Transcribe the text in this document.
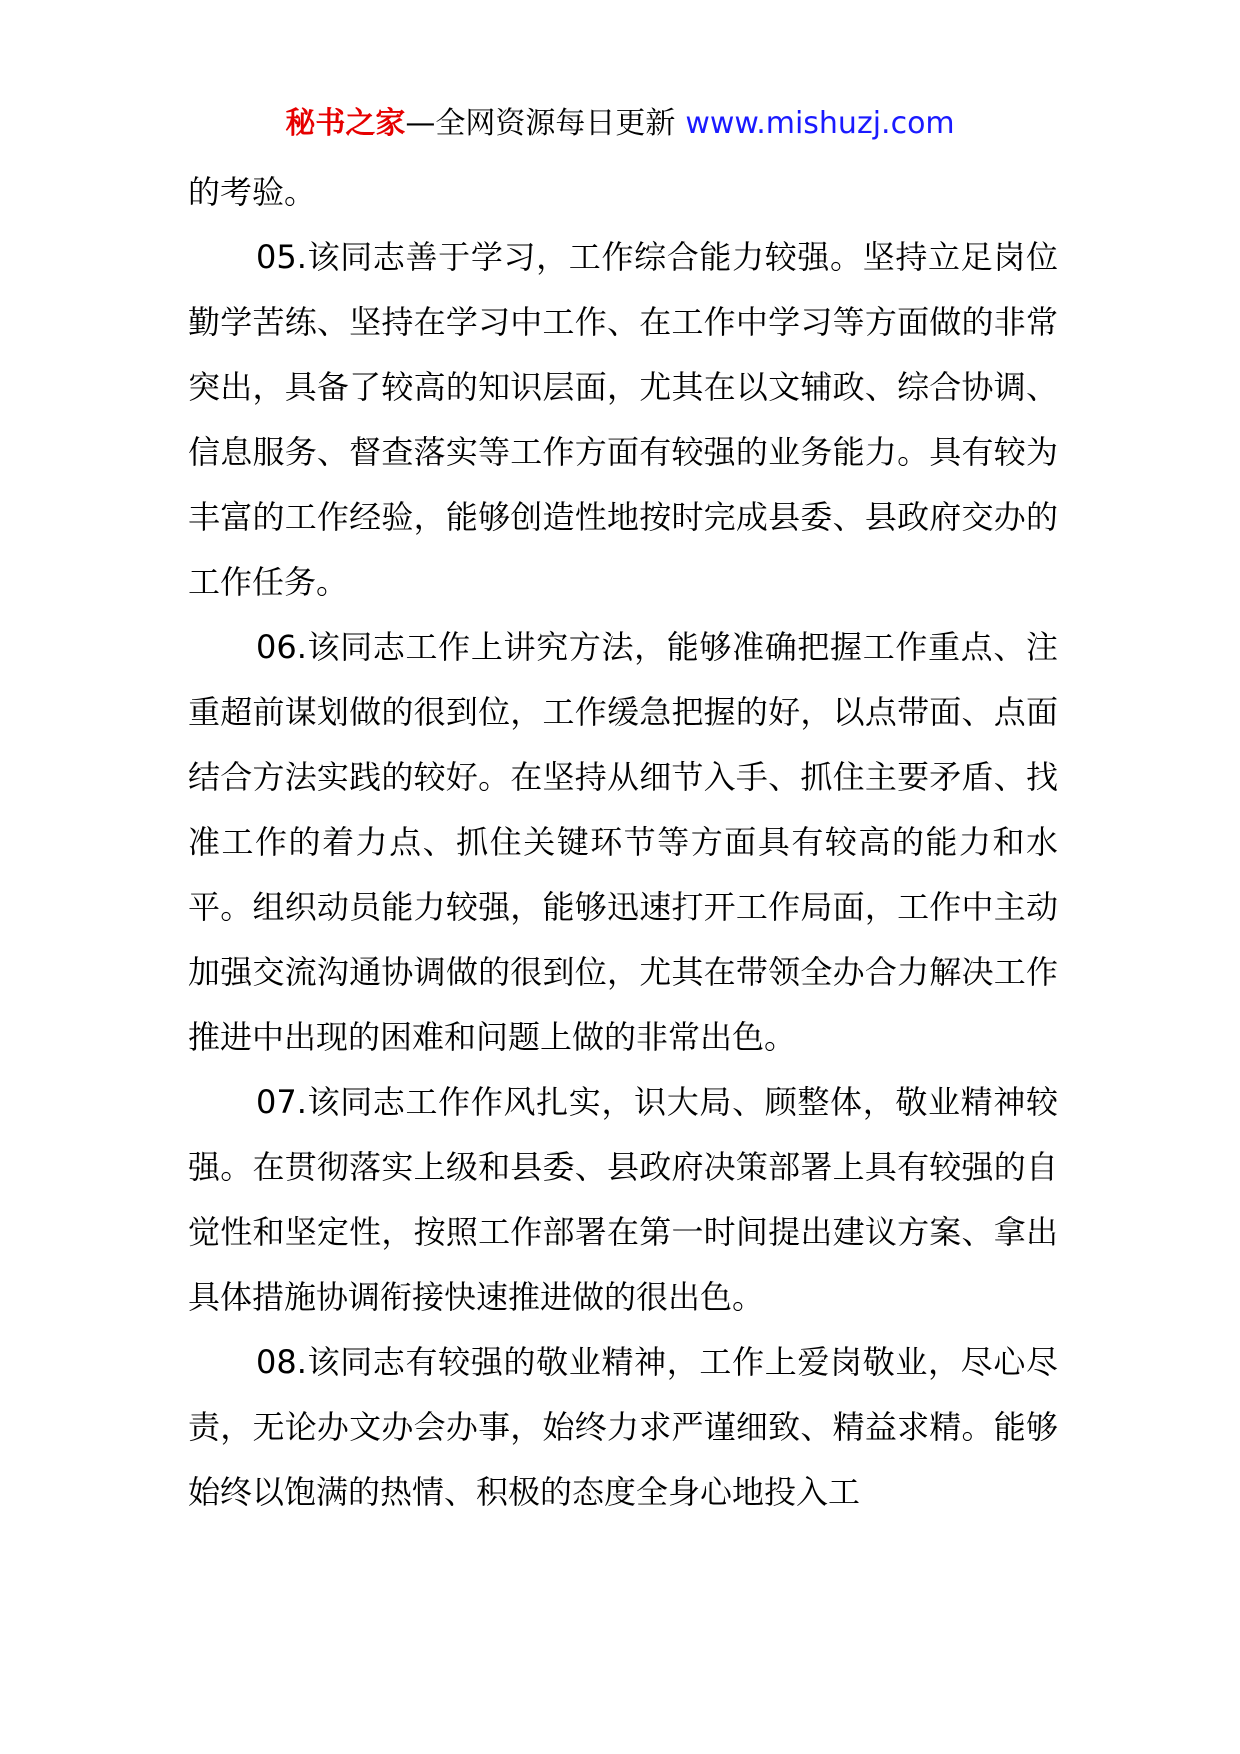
秘书之家—全网资源每日更新 www.mishuzj.com

的考验。

05.该同志善于学习，工作综合能力较强。坚持立足岗位勤学苦练、坚持在学习中工作、在工作中学习等方面做的非常突出，具备了较高的知识层面，尤其在以文辅政、综合协调、信息服务、督查落实等工作方面有较强的业务能力。具有较为丰富的工作经验，能够创造性地按时完成县委、县政府交办的工作任务。

06.该同志工作上讲究方法，能够准确把握工作重点、注重超前谋划做的很到位，工作缓急把握的好，以点带面、点面结合方法实践的较好。在坚持从细节入手、抓住主要矛盾、找准工作的着力点、抓住关键环节等方面具有较高的能力和水平。组织动员能力较强，能够迅速打开工作局面，工作中主动加强交流沟通协调做的很到位，尤其在带领全办合力解决工作推进中出现的困难和问题上做的非常出色。

07.该同志工作作风扎实，识大局、顾整体，敬业精神较强。在贯彻落实上级和县委、县政府决策部署上具有较强的自觉性和坚定性，按照工作部署在第一时间提出建议方案、拿出具体措施协调衔接快速推进做的很出色。

08.该同志有较强的敬业精神，工作上爱岗敬业，尽心尽责，无论办文办会办事，始终力求严谨细致、精益求精。能够始终以饱满的热情、积极的态度全身心地投入工
